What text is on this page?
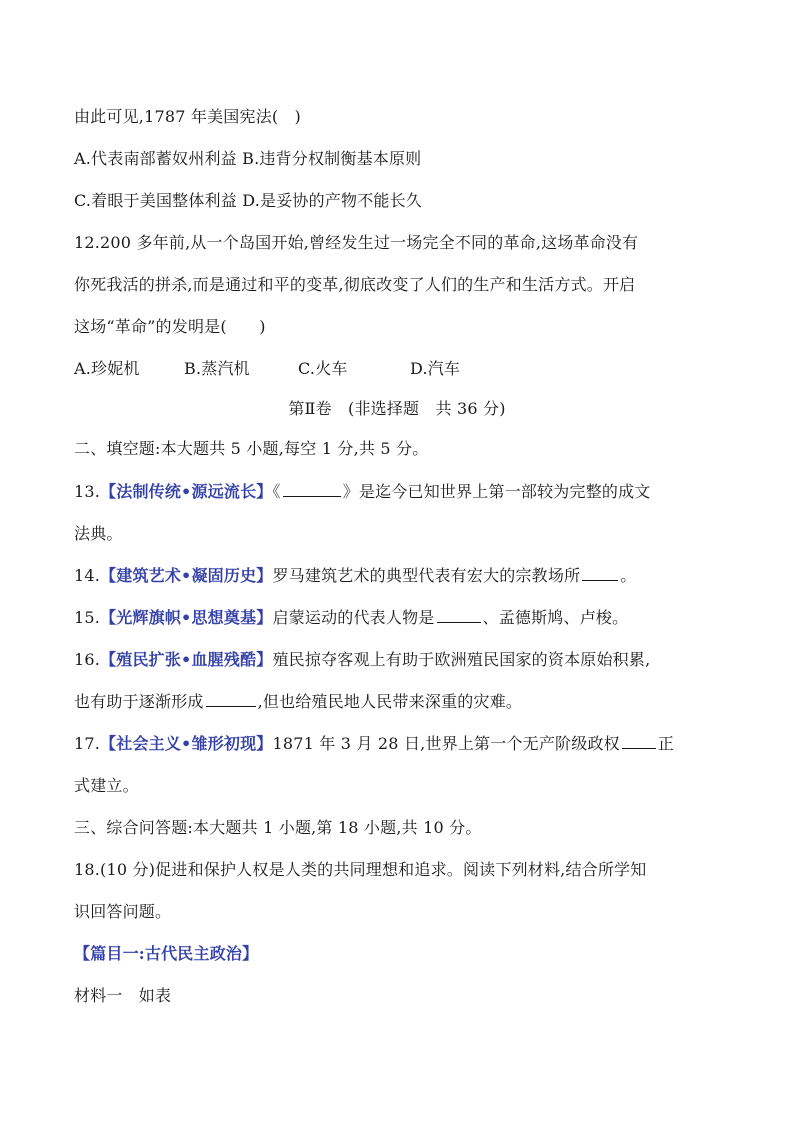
由此可见,1787 年美国宪法(　)
A.代表南部蓄奴州利益 B.违背分权制衡基本原则
C.着眼于美国整体利益 D.是妥协的产物不能长久
12.200 多年前,从一个岛国开始,曾经发生过一场完全不同的革命,这场革命没有
你死我活的拼杀,而是通过和平的变革,彻底改变了人们的生产和生活方式。开启
这场“革命”的发明是(　　)
A.珍妮机	B.蒸汽机	C.火车	D.汽车
第Ⅱ卷　(非选择题　共 36 分)
二、填空题:本大题共 5 小题,每空 1 分,共 5 分。
13.【法制传统•源远流长】《	》是迄今已知世界上第一部较为完整的成文
法典。
14.【建筑艺术•凝固历史】罗马建筑艺术的典型代表有宏大的宗教场所	。
15.【光辉旗帜•思想奠基】启蒙运动的代表人物是	、孟德斯鸠、卢梭。
16.【殖民扩张•血腥残酷】殖民掠夺客观上有助于欧洲殖民国家的资本原始积累,
也有助于逐渐形成	,但也给殖民地人民带来深重的灾难。
17.【社会主义•雏形初现】1871 年 3 月 28 日,世界上第一个无产阶级政权 正
式建立。
三、综合问答题:本大题共 1 小题,第 18 小题,共 10 分。
18.(10 分)促进和保护人权是人类的共同理想和追求。阅读下列材料,结合所学知
识回答问题。
【篇目一:古代民主政治】
材料一　如表
